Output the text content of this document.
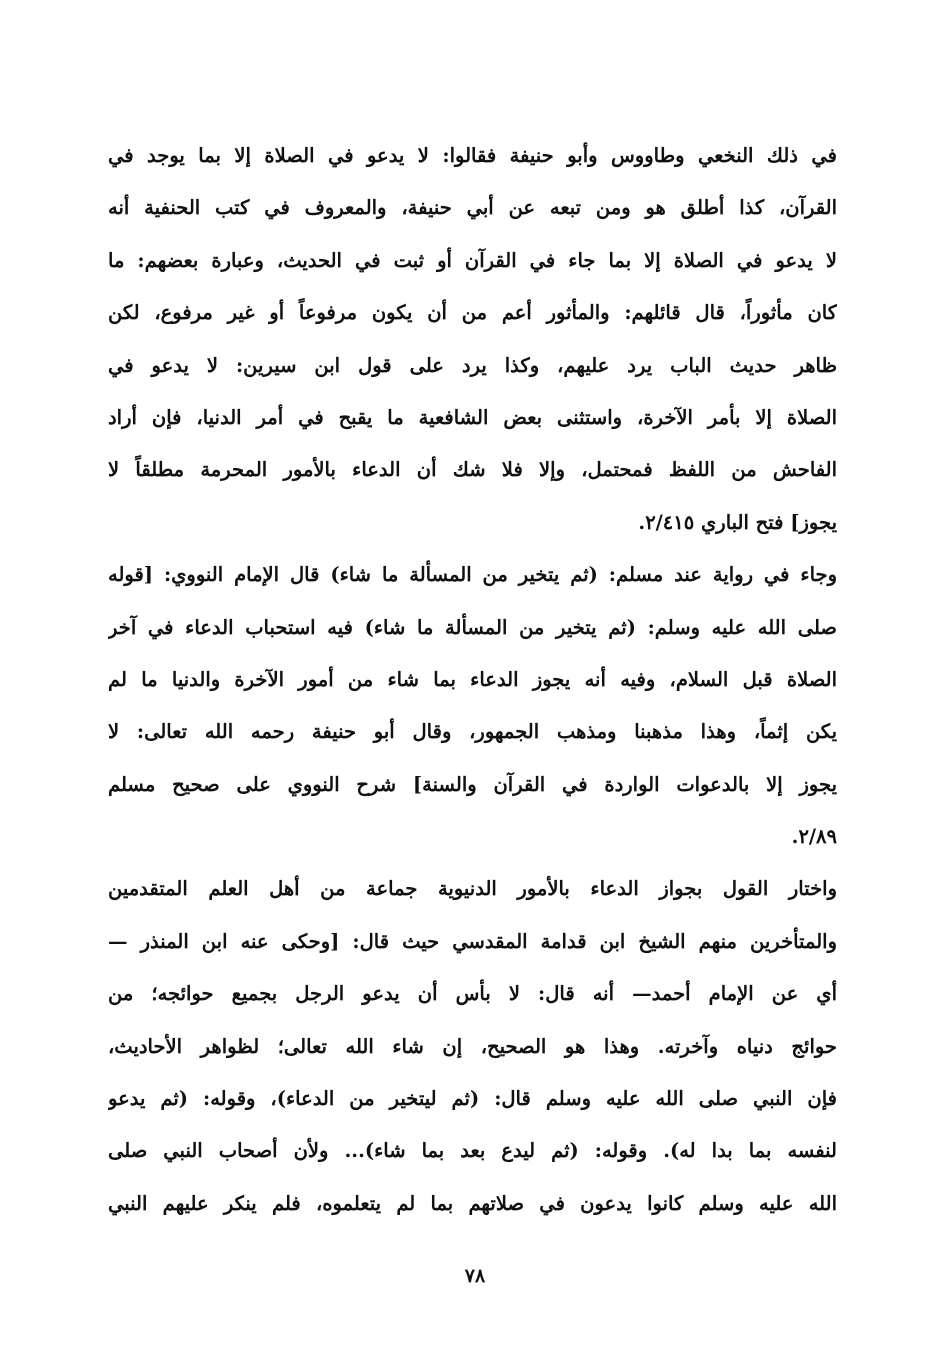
في ذلك النخعي وطاووس وأبو حنيفة فقالوا: لا يدعو في الصلاة إلا بما يوجد في
القرآن، كذا أطلق هو ومن تبعه عن أبي حنيفة، والمعروف في كتب الحنفية أنه
لا يدعو في الصلاة إلا بما جاء في القرآن أو ثبت في الحديث، وعبارة بعضهم: ما
كان مأثوراً، قال قائلهم: والمأثور أعم من أن يكون مرفوعاً أو غير مرفوع، لكن
ظاهر حديث الباب يرد عليهم، وكذا يرد على قول ابن سيرين: لا يدعو في
الصلاة إلا بأمر الآخرة، واستثنى بعض الشافعية ما يقبح في أمر الدنيا، فإن أراد
الفاحش من اللفظ فمحتمل، وإلا فلا شك أن الدعاء بالأمور المحرمة مطلقاً لا
يجوز] فتح الباري ٢/٤١٥.
وجاء في رواية عند مسلم: (ثم يتخير من المسألة ما شاء) قال الإمام النووي: [قوله
صلى الله عليه وسلم: (ثم يتخير من المسألة ما شاء) فيه استحباب الدعاء في آخر
الصلاة قبل السلام، وفيه أنه يجوز الدعاء بما شاء من أمور الآخرة والدنيا ما لم
يكن إثماً، وهذا مذهبنا ومذهب الجمهور، وقال أبو حنيفة رحمه الله تعالى: لا
يجوز إلا بالدعوات الواردة في القرآن والسنة] شرح النووي على صحيح مسلم
٢/٨٩.
واختار القول بجواز الدعاء بالأمور الدنيوية جماعة من أهل العلم المتقدمين
والمتأخرين منهم الشيخ ابن قدامة المقدسي حيث قال: [وحكى عنه ابن المنذر —
أي عن الإمام أحمد— أنه قال: لا بأس أن يدعو الرجل بجميع حوائجه؛ من
حوائج دنياه وآخرته. وهذا هو الصحيح، إن شاء الله تعالى؛ لظواهر الأحاديث،
فإن النبي صلى الله عليه وسلم قال: (ثم ليتخير من الدعاء)، وقوله: (ثم يدعو
لنفسه بما بدا له). وقوله: (ثم ليدع بعد بما شاء)... ولأن أصحاب النبي صلى
الله عليه وسلم كانوا يدعون في صلاتهم بما لم يتعلموه، فلم ينكر عليهم النبي
٧٨
